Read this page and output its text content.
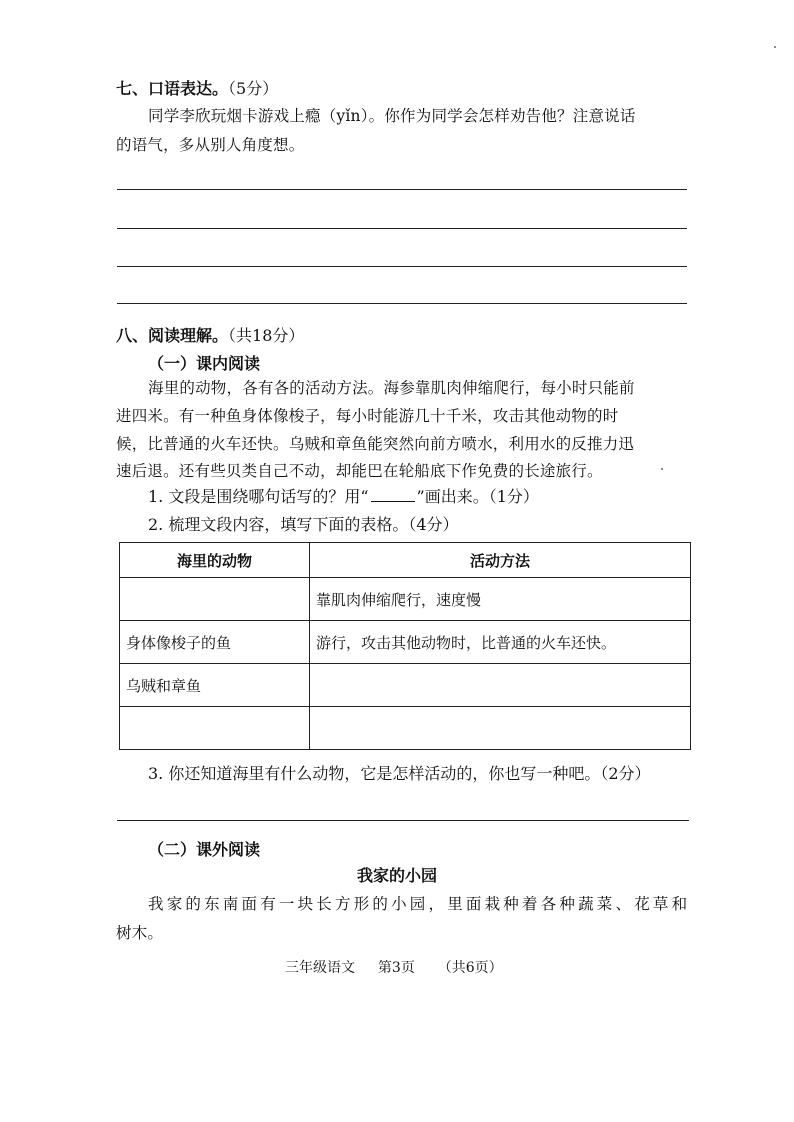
七、口语表达。（5分）
同学李欣玩烟卡游戏上瘾（yǐn）。你作为同学会怎样劝告他？注意说话
的语气，多从别人角度想。
八、阅读理解。（共18分）
（一）课内阅读
海里的动物，各有各的活动方法。海参靠肌肉伸缩爬行，每小时只能前
进四米。有一种鱼身体像梭子，每小时能游几十千米，攻击其他动物的时
候，比普通的火车还快。乌贼和章鱼能突然向前方喷水，利用水的反推力迅
速后退。还有些贝类自己不动，却能巴在轮船底下作免费的长途旅行。
1. 文段是围绕哪句话写的？用“	”画出来。（1分）
2. 梳理文段内容，填写下面的表格。（4分）
海里的动物	活动方法
	靠肌肉伸缩爬行，速度慢
身体像梭子的鱼	游行，攻击其他动物时，比普通的火车还快。
乌贼和章鱼	

3. 你还知道海里有什么动物，它是怎样活动的，你也写一种吧。（2分）
（二）课外阅读
我家的小园
我家的东南面有一块长方形的小园，里面栽种着各种蔬菜、花草和
树木。
三年级语文 第3页 （共6页）
